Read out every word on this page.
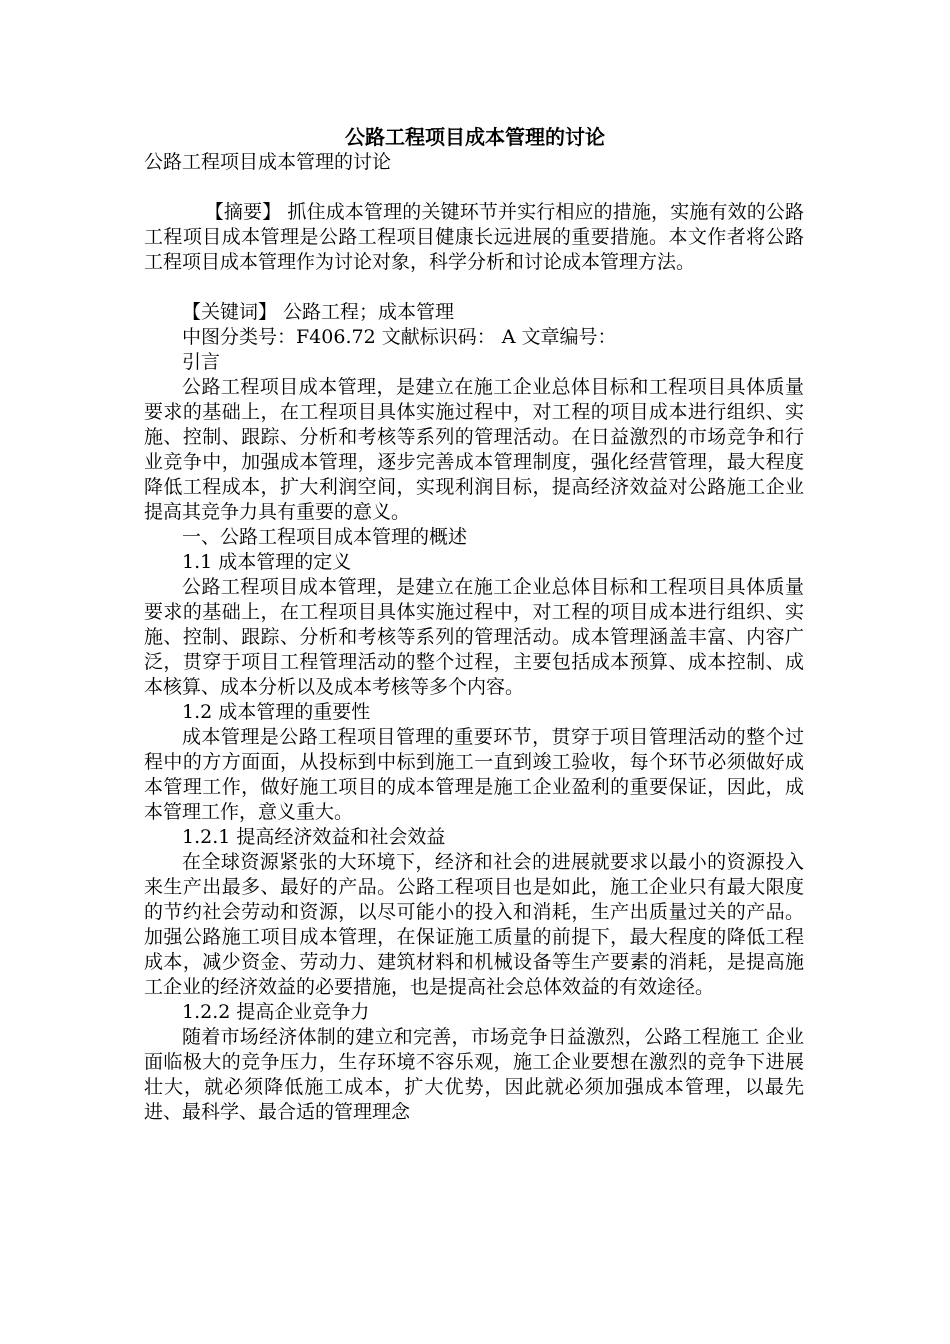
公路工程项目成本管理的讨论

公路工程项目成本管理的讨论

【摘要】 抓住成本管理的关键环节并实行相应的措施，实施有效的公路工程项目成本管理是公路工程项目健康长远进展的重要措施。本文作者将公路工程项目成本管理作为讨论对象，科学分析和讨论成本管理方法。

【关键词】 公路工程；成本管理

中图分类号：F406.72 文献标识码： A 文章编号：

引言

公路工程项目成本管理，是建立在施工企业总体目标和工程项目具体质量要求的基础上，在工程项目具体实施过程中，对工程的项目成本进行组织、实施、控制、跟踪、分析和考核等系列的管理活动。在日益激烈的市场竞争和行业竞争中，加强成本管理，逐步完善成本管理制度，强化经营管理，最大程度降低工程成本，扩大利润空间，实现利润目标，提高经济效益对公路施工企业提高其竞争力具有重要的意义。

一、公路工程项目成本管理的概述

1.1 成本管理的定义

公路工程项目成本管理，是建立在施工企业总体目标和工程项目具体质量要求的基础上，在工程项目具体实施过程中，对工程的项目成本进行组织、实施、控制、跟踪、分析和考核等系列的管理活动。成本管理涵盖丰富、内容广泛，贯穿于项目工程管理活动的整个过程，主要包括成本预算、成本控制、成本核算、成本分析以及成本考核等多个内容。

1.2 成本管理的重要性

成本管理是公路工程项目管理的重要环节，贯穿于项目管理活动的整个过程中的方方面面，从投标到中标到施工一直到竣工验收，每个环节必须做好成本管理工作，做好施工项目的成本管理是施工企业盈利的重要保证，因此，成本管理工作，意义重大。

1.2.1 提高经济效益和社会效益

在全球资源紧张的大环境下，经济和社会的进展就要求以最小的资源投入来生产出最多、最好的产品。公路工程项目也是如此，施工企业只有最大限度的节约社会劳动和资源，以尽可能小的投入和消耗，生产出质量过关的产品。加强公路施工项目成本管理，在保证施工质量的前提下，最大程度的降低工程成本，减少资金、劳动力、建筑材料和机械设备等生产要素的消耗，是提高施工企业的经济效益的必要措施，也是提高社会总体效益的有效途径。

1.2.2 提高企业竞争力

随着市场经济体制的建立和完善，市场竞争日益激烈，公路工程施工 企业 面临极大的竞争压力，生存环境不容乐观，施工企业要想在激烈的竞争下进展壮大，就必须降低施工成本，扩大优势，因此就必须加强成本管理，以最先进、最科学、最合适的管理理念
